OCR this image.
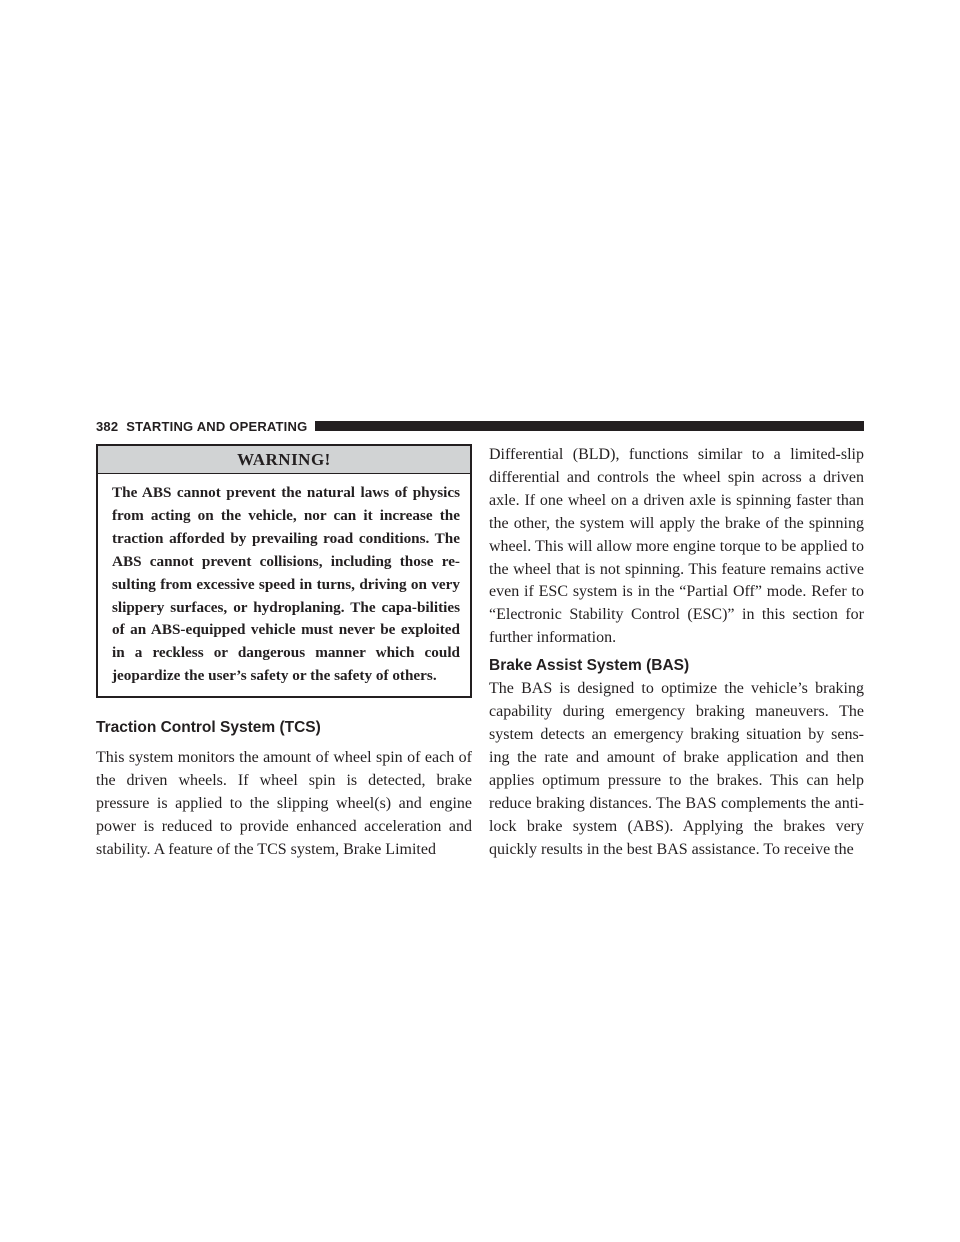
382 STARTING AND OPERATING
WARNING!
The ABS cannot prevent the natural laws of physics from acting on the vehicle, nor can it increase the traction afforded by prevailing road conditions. The ABS cannot prevent collisions, including those re-sulting from excessive speed in turns, driving on very slippery surfaces, or hydroplaning. The capa-bilities of an ABS-equipped vehicle must never be exploited in a reckless or dangerous manner which could jeopardize the user’s safety or the safety of others.
Traction Control System (TCS)

This system monitors the amount of wheel spin of each of the driven wheels. If wheel spin is detected, brake pressure is applied to the slipping wheel(s) and engine power is reduced to provide enhanced acceleration and stability. A feature of the TCS system, Brake Limited

Differential (BLD), functions similar to a limited-slip differential and controls the wheel spin across a driven axle. If one wheel on a driven axle is spinning faster than the other, the system will apply the brake of the spinning wheel. This will allow more engine torque to be applied to the wheel that is not spinning. This feature remains active even if ESC system is in the “Partial Off” mode. Refer to “Electronic Stability Control (ESC)” in this section for further information.

Brake Assist System (BAS)

The BAS is designed to optimize the vehicle’s braking capability during emergency braking maneuvers. The system detects an emergency braking situation by sens-ing the rate and amount of brake application and then applies optimum pressure to the brakes. This can help reduce braking distances. The BAS complements the anti-lock brake system (ABS). Applying the brakes very quickly results in the best BAS assistance. To receive the
